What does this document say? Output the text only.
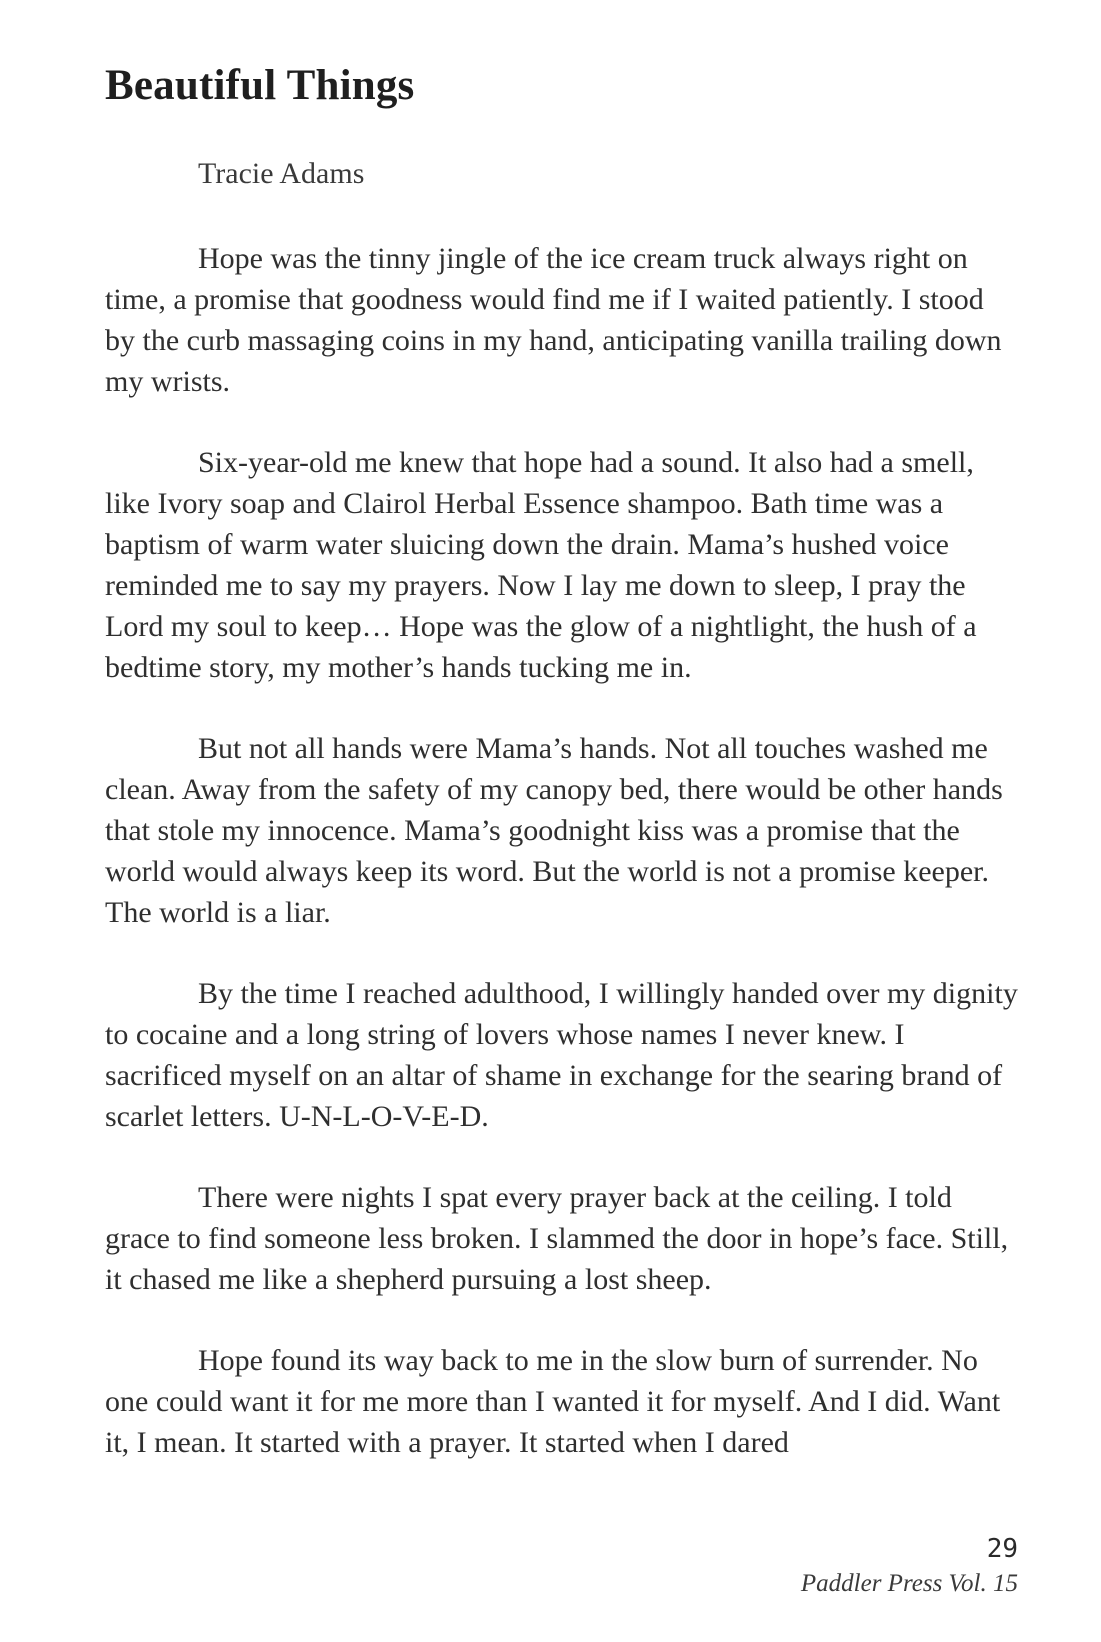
Beautiful Things

Tracie Adams

Hope was the tinny jingle of the ice cream truck always right on time, a promise that goodness would find me if I waited patiently. I stood by the curb massaging coins in my hand, anticipating vanilla trailing down my wrists.

Six-year-old me knew that hope had a sound. It also had a smell, like Ivory soap and Clairol Herbal Essence shampoo. Bath time was a baptism of warm water sluicing down the drain. Mama’s hushed voice reminded me to say my prayers. Now I lay me down to sleep, I pray the Lord my soul to keep… Hope was the glow of a nightlight, the hush of a bedtime story, my mother’s hands tucking me in.

But not all hands were Mama’s hands. Not all touches washed me clean. Away from the safety of my canopy bed, there would be other hands that stole my innocence. Mama’s goodnight kiss was a promise that the world would always keep its word. But the world is not a promise keeper. The world is a liar.

By the time I reached adulthood, I willingly handed over my dignity to cocaine and a long string of lovers whose names I never knew. I sacrificed myself on an altar of shame in exchange for the searing brand of scarlet letters. U-N-L-O-V-E-D.

There were nights I spat every prayer back at the ceiling. I told grace to find someone less broken. I slammed the door in hope’s face. Still, it chased me like a shepherd pursuing a lost sheep.

Hope found its way back to me in the slow burn of surrender. No one could want it for me more than I wanted it for myself. And I did. Want it, I mean. It started with a prayer. It started when I dared

29
Paddler Press Vol. 15
